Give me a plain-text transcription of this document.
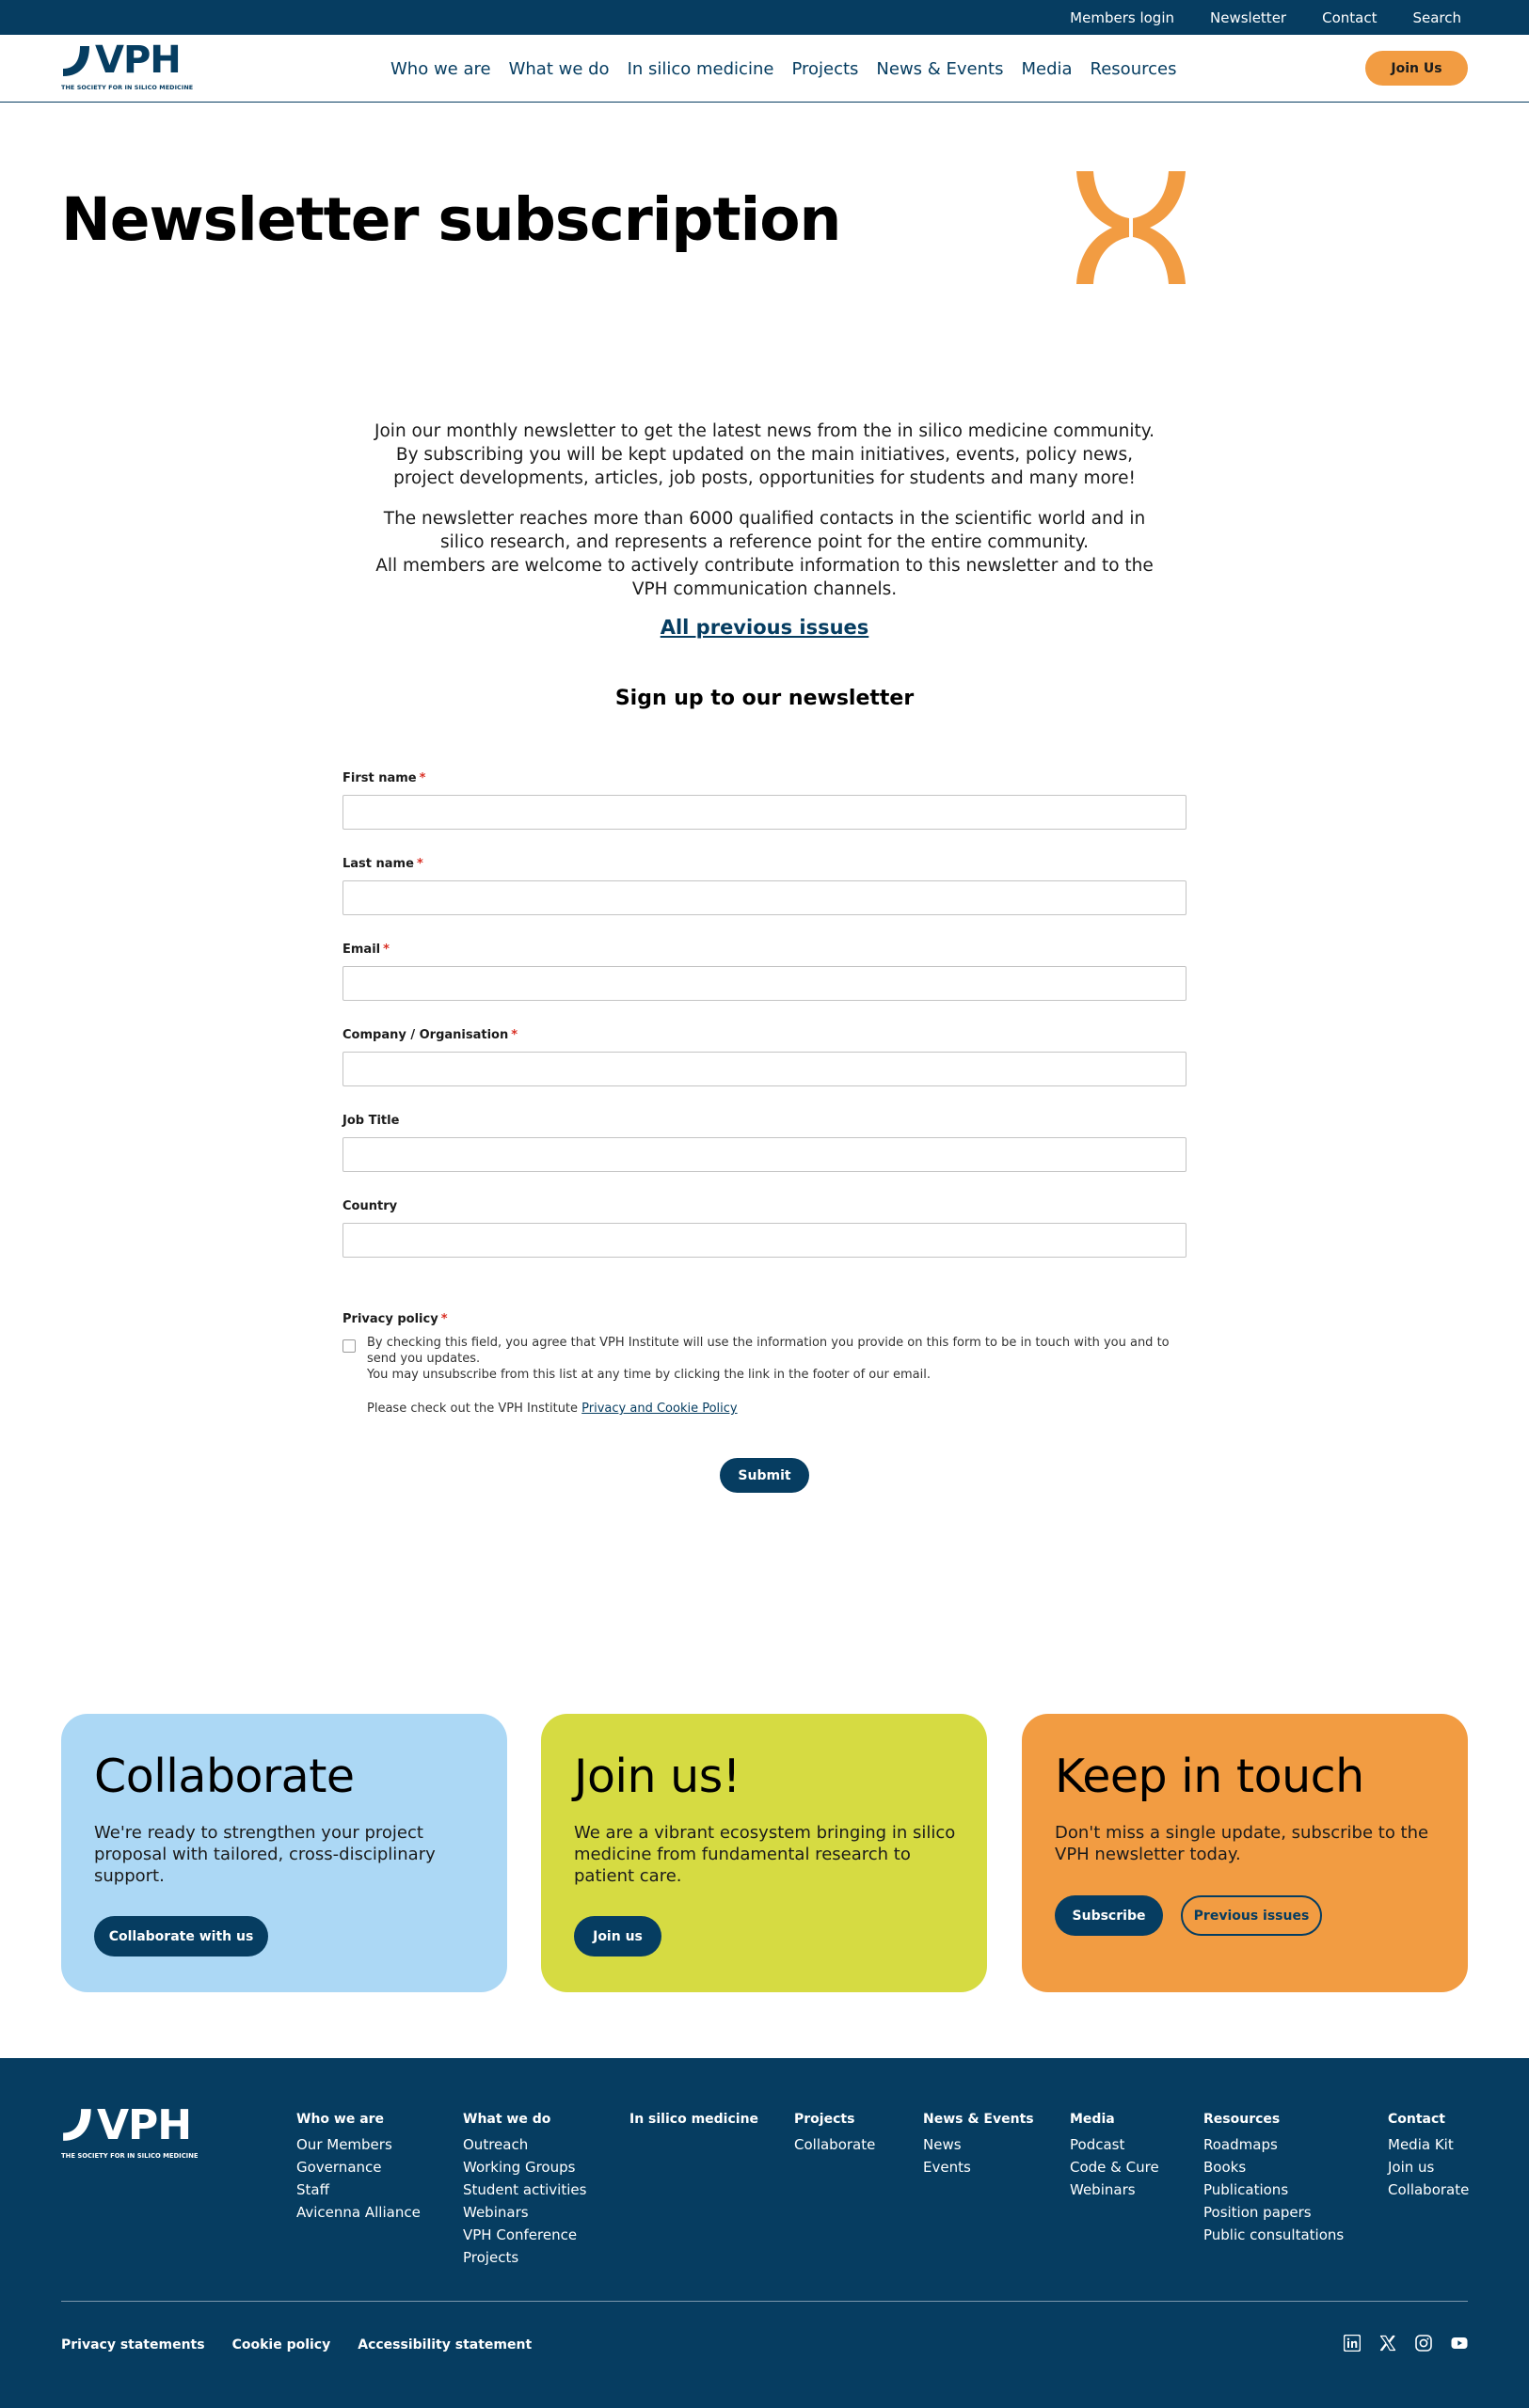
Members login	Newsletter	Contact	Search
VPH
THE SOCIETY FOR IN SILICO MEDICINE
Who we are What we do In silico medicine Projects News & Events Media Resources	Join Us
Newsletter subscription

Join our monthly newsletter to get the latest news from the in silico medicine community. By subscribing you will be kept updated on the main initiatives, events, policy news, project developments, articles, job posts, opportunities for students and many more!

The newsletter reaches more than 6000 qualified contacts in the scientific world and in silico research, and represents a reference point for the entire community.
All members are welcome to actively contribute information to this newsletter and to the VPH communication channels.
All previous issues
Sign up to our newsletter
First name *
Last name *
Email *
Company / Organisation *
Job Title
Country
Privacy policy *
By checking this field, you agree that VPH Institute will use the information you provide on this form to be in touch with you and to send you updates.
You may unsubscribe from this list at any time by clicking the link in the footer of our email.
Please check out the VPH Institute Privacy and Cookie Policy
Submit
Collaborate

We're ready to strengthen your project proposal with tailored, cross-disciplinary support.

Collaborate with us
Join us!

We are a vibrant ecosystem bringing in silico medicine from fundamental research to patient care.

Join us
Keep in touch

Don't miss a single update, subscribe to the VPH newsletter today.

Subscribe	Previous issues
VPH
THE SOCIETY FOR IN SILICO MEDICINE
Who we are
Our Members
Governance
Staff
Avicenna Alliance
What we do
Outreach
Working Groups
Student activities
Webinars
VPH Conference
Projects
In silico medicine	Projects
Collaborate
News & Events
News
Events
Media
Podcast
Code & Cure
Webinars
Resources
Roadmaps
Books
Publications
Position papers
Public consultations
Contact
Media Kit
Join us
Collaborate
Privacy statements Cookie policy Accessibility statement
